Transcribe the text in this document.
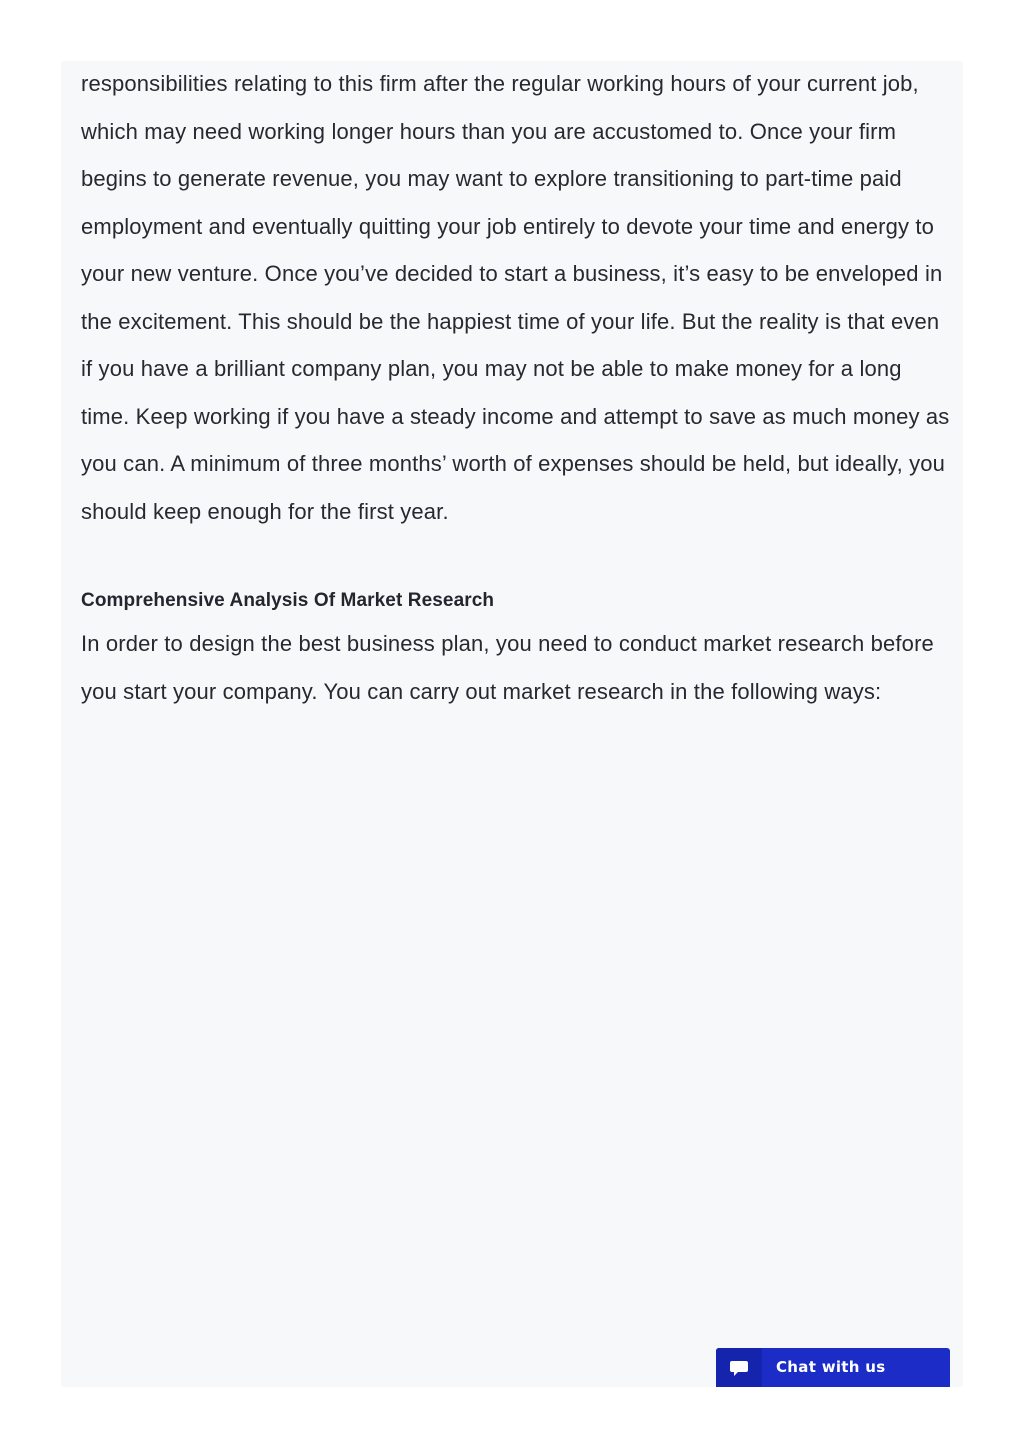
responsibilities relating to this firm after the regular working hours of your current job, which may need working longer hours than you are accustomed to. Once your firm begins to generate revenue, you may want to explore transitioning to part-time paid employment and eventually quitting your job entirely to devote your time and energy to your new venture. Once you’ve decided to start a business, it’s easy to be enveloped in the excitement. This should be the happiest time of your life. But the reality is that even if you have a brilliant company plan, you may not be able to make money for a long time. Keep working if you have a steady income and attempt to save as much money as you can. A minimum of three months’ worth of expenses should be held, but ideally, you should keep enough for the first year.

Comprehensive Analysis Of Market Research

In order to design the best business plan, you need to conduct market research before you start your company. You can carry out market research in the following ways:

Chat with us
